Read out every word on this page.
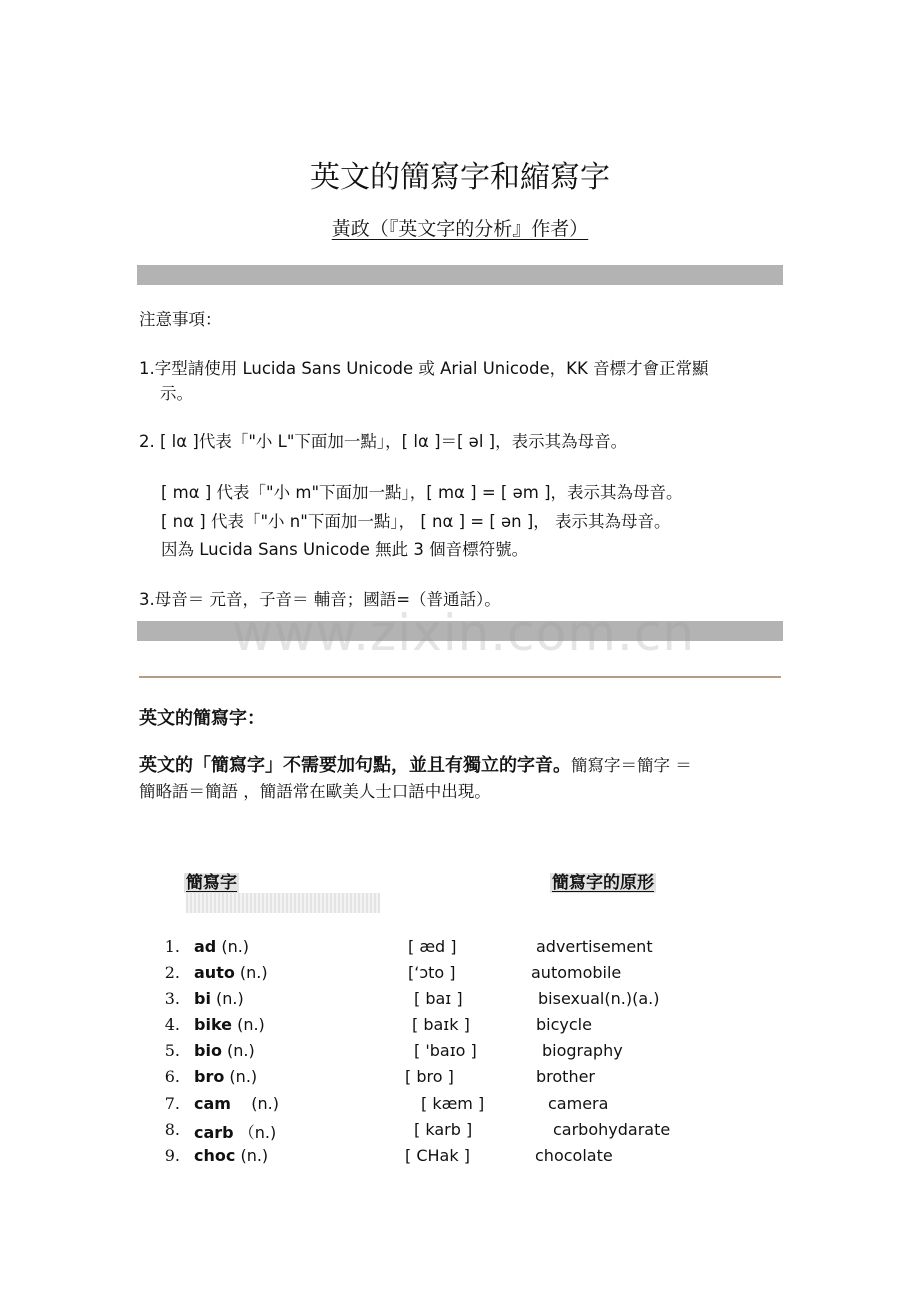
英文的簡寫字和縮寫字
黃政（『英文字的分析』作者）
注意事項：
1.字型請使用 Lucida Sans Unicode 或 Arial Unicode，KK 音標才會正常顯
示。
2. [ lα ]代表「"小 L"下面加一點」，[ lα ]＝[ əl ]，表示其為母音。
[ mα ] 代表「"小 m"下面加一點」，[ mα ] = [ əm ]，表示其為母音。
[ nα ] 代表「"小 n"下面加一點」， [ nα ] = [ ən ]， 表示其為母音。
因為 Lucida Sans Unicode 無此 3 個音標符號。
3.母音＝ 元音，子音＝ 輔音；國語=（普通話）。
www.zixin.com.cn
英文的簡寫字：
英文的「簡寫字」不需要加句點，並且有獨立的字音。簡寫字＝簡字 ＝
簡略語＝簡語 ，簡語常在歐美人士口語中出現。
簡寫字	簡寫字的原形
1. ad (n.)	[ æd ]	advertisement
2. auto (n.)	[‘ɔto ]	automobile
3. bi (n.)	[ baɪ ]	bisexual(n.)(a.)
4. bike (n.)	[ baɪk ]	bicycle
5. bio (n.)	[ 'baɪo ]	biography
6. bro (n.)	[ bro ]	brother
7. cam    (n.)	[ kæm ]	camera
8. carb （n.)	[ karb ]	carbohydarate
9. choc (n.)	[ CHak ]	chocolate
